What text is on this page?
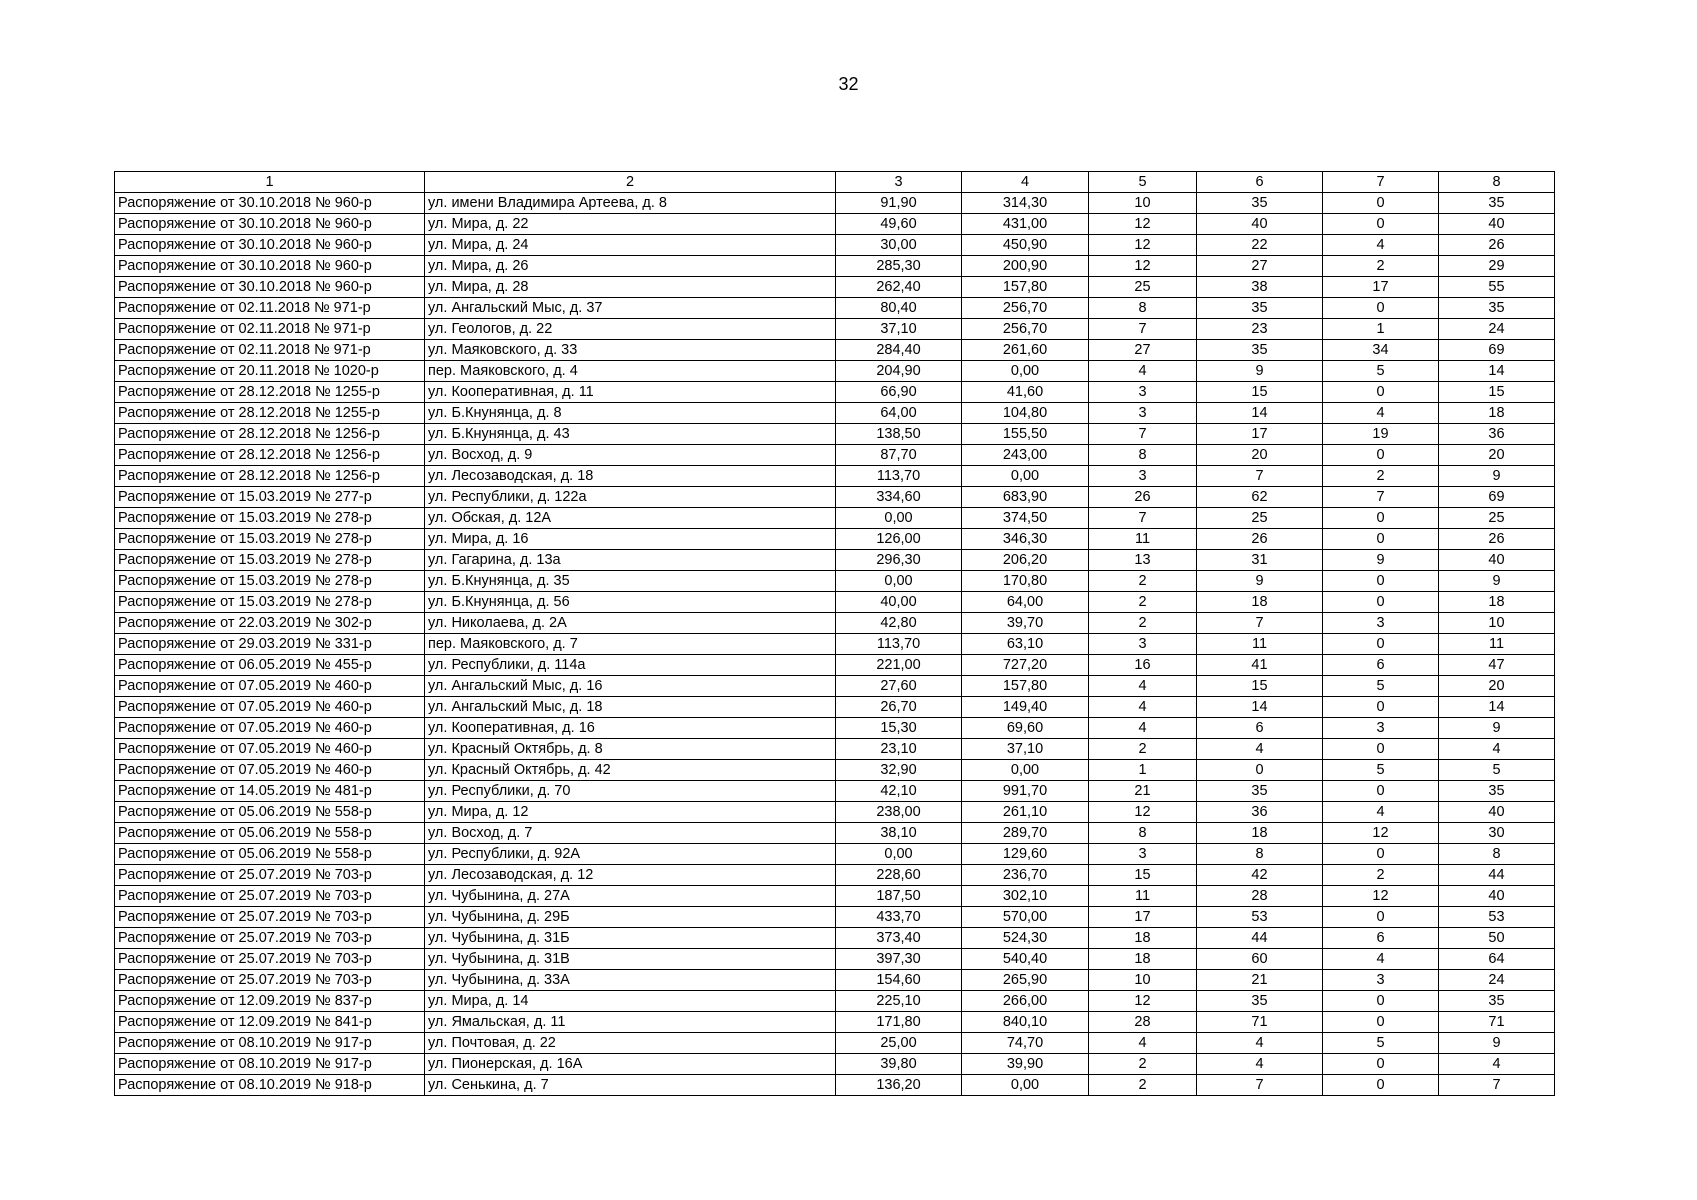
32
1	2	3	4	5	6	7	8
Распоряжение от 30.10.2018 № 960-р	ул. имени Владимира Артеева, д. 8	91,90	314,30	10	35	0	35
Распоряжение от 30.10.2018 № 960-р	ул. Мира, д. 22	49,60	431,00	12	40	0	40
Распоряжение от 30.10.2018 № 960-р	ул. Мира, д. 24	30,00	450,90	12	22	4	26
Распоряжение от 30.10.2018 № 960-р	ул. Мира, д. 26	285,30	200,90	12	27	2	29
Распоряжение от 30.10.2018 № 960-р	ул. Мира, д. 28	262,40	157,80	25	38	17	55
Распоряжение от 02.11.2018 № 971-р	ул. Ангальский Мыс, д. 37	80,40	256,70	8	35	0	35
Распоряжение от 02.11.2018 № 971-р	ул. Геологов, д. 22	37,10	256,70	7	23	1	24
Распоряжение от 02.11.2018 № 971-р	ул. Маяковского, д. 33	284,40	261,60	27	35	34	69
Распоряжение от 20.11.2018 № 1020-р	пер. Маяковского, д. 4	204,90	0,00	4	9	5	14
Распоряжение от 28.12.2018 № 1255-р	ул. Кооперативная, д. 11	66,90	41,60	3	15	0	15
Распоряжение от 28.12.2018 № 1255-р	ул. Б.Кнунянца, д. 8	64,00	104,80	3	14	4	18
Распоряжение от 28.12.2018 № 1256-р	ул. Б.Кнунянца, д. 43	138,50	155,50	7	17	19	36
Распоряжение от 28.12.2018 № 1256-р	ул. Восход, д. 9	87,70	243,00	8	20	0	20
Распоряжение от 28.12.2018 № 1256-р	ул. Лесозаводская, д. 18	113,70	0,00	3	7	2	9
Распоряжение от 15.03.2019 № 277-р	ул. Республики, д. 122а	334,60	683,90	26	62	7	69
Распоряжение от 15.03.2019 № 278-р	ул. Обская, д. 12А	0,00	374,50	7	25	0	25
Распоряжение от 15.03.2019 № 278-р	ул. Мира, д. 16	126,00	346,30	11	26	0	26
Распоряжение от 15.03.2019 № 278-р	ул. Гагарина, д. 13а	296,30	206,20	13	31	9	40
Распоряжение от 15.03.2019 № 278-р	ул. Б.Кнунянца, д. 35	0,00	170,80	2	9	0	9
Распоряжение от 15.03.2019 № 278-р	ул. Б.Кнунянца, д. 56	40,00	64,00	2	18	0	18
Распоряжение от 22.03.2019 № 302-р	ул. Николаева, д. 2А	42,80	39,70	2	7	3	10
Распоряжение от 29.03.2019 № 331-р	пер. Маяковского, д. 7	113,70	63,10	3	11	0	11
Распоряжение от 06.05.2019 № 455-р	ул. Республики, д. 114а	221,00	727,20	16	41	6	47
Распоряжение от 07.05.2019 № 460-р	ул. Ангальский Мыс, д. 16	27,60	157,80	4	15	5	20
Распоряжение от 07.05.2019 № 460-р	ул. Ангальский Мыс, д. 18	26,70	149,40	4	14	0	14
Распоряжение от 07.05.2019 № 460-р	ул. Кооперативная, д. 16	15,30	69,60	4	6	3	9
Распоряжение от 07.05.2019 № 460-р	ул. Красный Октябрь, д. 8	23,10	37,10	2	4	0	4
Распоряжение от 07.05.2019 № 460-р	ул. Красный Октябрь, д. 42	32,90	0,00	1	0	5	5
Распоряжение от 14.05.2019 № 481-р	ул. Республики, д. 70	42,10	991,70	21	35	0	35
Распоряжение от 05.06.2019 № 558-р	ул. Мира, д. 12	238,00	261,10	12	36	4	40
Распоряжение от 05.06.2019 № 558-р	ул. Восход, д. 7	38,10	289,70	8	18	12	30
Распоряжение от 05.06.2019 № 558-р	ул. Республики, д. 92А	0,00	129,60	3	8	0	8
Распоряжение от 25.07.2019 № 703-р	ул. Лесозаводская, д. 12	228,60	236,70	15	42	2	44
Распоряжение от 25.07.2019 № 703-р	ул. Чубынина, д. 27А	187,50	302,10	11	28	12	40
Распоряжение от 25.07.2019 № 703-р	ул. Чубынина, д. 29Б	433,70	570,00	17	53	0	53
Распоряжение от 25.07.2019 № 703-р	ул. Чубынина, д. 31Б	373,40	524,30	18	44	6	50
Распоряжение от 25.07.2019 № 703-р	ул. Чубынина, д. 31В	397,30	540,40	18	60	4	64
Распоряжение от 25.07.2019 № 703-р	ул. Чубынина, д. 33А	154,60	265,90	10	21	3	24
Распоряжение от 12.09.2019 № 837-р	ул. Мира, д. 14	225,10	266,00	12	35	0	35
Распоряжение от 12.09.2019 № 841-р	ул. Ямальская, д. 11	171,80	840,10	28	71	0	71
Распоряжение от 08.10.2019 № 917-р	ул. Почтовая, д. 22	25,00	74,70	4	4	5	9
Распоряжение от 08.10.2019 № 917-р	ул. Пионерская, д. 16А	39,80	39,90	2	4	0	4
Распоряжение от 08.10.2019 № 918-р	ул. Сенькина, д. 7	136,20	0,00	2	7	0	7
